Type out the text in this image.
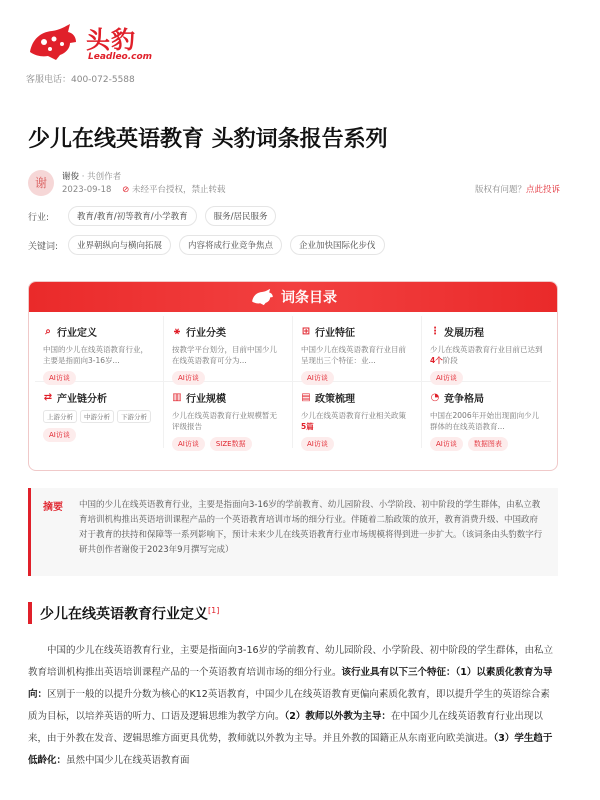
头豹
Leadleo.com
客服电话：400-072-5588
少儿在线英语教育 头豹词条报告系列
谢	谢俊 · 共创作者
2023-09-18 ⊘ 未经平台授权，禁止转载	版权有问题？点此投诉
行业:	教育/教育/初等教育/小学教育	服务/居民服务
关键词:	业界朝纵向与横向拓展	内容将成行业竞争焦点	企业加快国际化步伐
词条目录
⌕ 行业定义
中国的少儿在线英语教育行业，主要是指面向3-16岁...
AI访谈
⚹ 行业分类
按教学平台划分，目前中国少儿在线英语教育可分为...
AI访谈
⊞ 行业特征
中国少儿在线英语教育行业目前呈现出三个特征：业...
AI访谈
⋮ 发展历程
少儿在线英语教育行业目前已达到 4个阶段
AI访谈
⇄ 产业链分析
上游分析	中游分析	下游分析
AI访谈
▥ 行业规模
少儿在线英语教育行业规模暂无评级报告
AI访谈	SIZE数据
▤ 政策梳理
少儿在线英语教育行业相关政策 5篇
AI访谈
◔ 竞争格局
中国在2006年开始出现面向少儿群体的在线英语教育...
AI访谈	数据图表
摘要	中国的少儿在线英语教育行业，主要是指面向3-16岁的学前教育、幼儿园阶段、小学阶段、初中阶段的学生群体，由私立教育培训机构推出英语培训课程产品的一个英语教育培训市场的细分行业。伴随着二胎政策的放开，教育消费升级、中国政府对于教育的扶持和保障等一系列影响下，预计未来少儿在线英语教育行业市场规模将得到进一步扩大。（该词条由头豹数字行研共创作者谢俊于2023年9月撰写完成）

少儿在线英语教育行业定义[1]

中国的少儿在线英语教育行业，主要是指面向3-16岁的学前教育、幼儿园阶段、小学阶段、初中阶段的学生群体，由私立教育培训机构推出英语培训课程产品的一个英语教育培训市场的细分行业。该行业具有以下三个特征：（1）以素质化教育为导向：区别于一般的以提升分数为核心的K12英语教育，中国少儿在线英语教育更偏向素质化教育，即以提升学生的英语综合素质为目标，以培养英语的听力、口语及逻辑思维为教学方向。（2）教师以外教为主导：在中国少儿在线英语教育行业出现以来，由于外教在发音、逻辑思维方面更具优势，教师就以外教为主导。并且外教的国籍正从东南亚向欧美演进。（3）学生趋于低龄化：虽然中国少儿在线英语教育面
